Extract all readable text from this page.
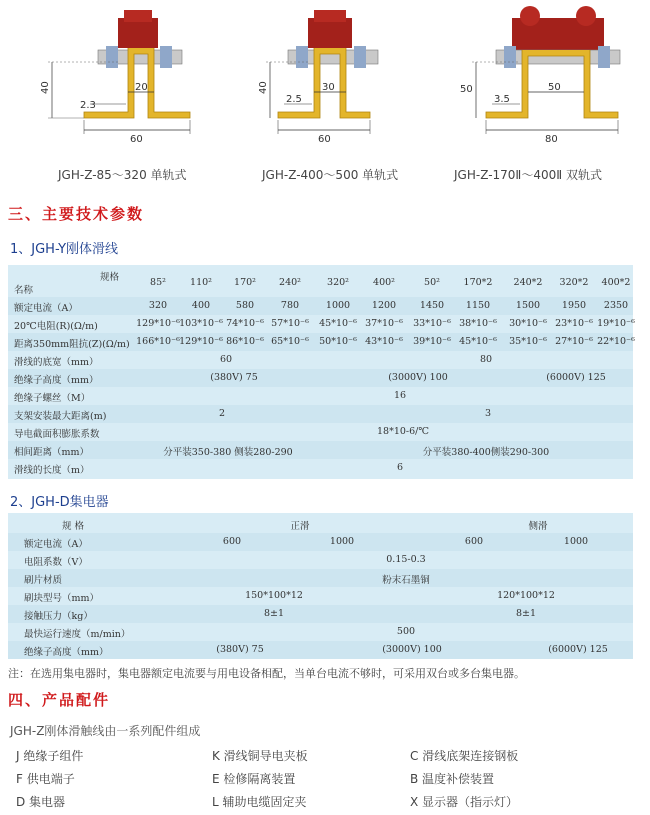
40	20
2.3
60
40	30
2.5
60
50	50
3.5
80
JGH-Z-85～320 单轨式	JGH-Z-400～500 单轨式	JGH-Z-170Ⅱ～400Ⅱ 双轨式
三、主要技术参数
1、JGH-Y刚体滑线
规格
名称
85²	110² 170² 240²	320²	400²	50² 170*2 240*2 320*2 400*2
额定电流（A）	320	400	580	780	1000 1200	1450 1150	1500 1950 2350
20℃电阻(R)(Ω/m)	129*10⁻⁶ 103*10⁻⁶ 74*10⁻⁶ 57*10⁻⁶ 45*10⁻⁶ 37*10⁻⁶ 33*10⁻⁶ 38*10⁻⁶ 30*10⁻⁶ 23*10⁻⁶ 19*10⁻⁶
距离350mm阻抗(Z)(Ω/m) 166*10⁻⁶ 129*10⁻⁶ 86*10⁻⁶ 65*10⁻⁶ 50*10⁻⁶ 43*10⁻⁶ 39*10⁻⁶ 45*10⁻⁶ 35*10⁻⁶ 27*10⁻⁶ 22*10⁻⁶
滑线的底宽（mm）	60	80
绝缘子高度（mm）	(380V) 75	(3000V) 100	(6000V) 125
绝缘子螺丝（M）	16
支架安装最大距离(m)	2	3
导电截面积膨胀系数	18*10-6/℃
相间距离（mm）	分平装350-380 侧装280-290	分平装380-400侧装290-300
滑线的长度（m）	6
2、JGH-D集电器
规 格	正滑	侧滑
额定电流（A）	600	1000	600	1000
电阻系数（V）	0.15-0.3
刷片材质	粉末石墨铜
刷块型号（mm）	150*100*12	120*100*12
接触压力（kg）	8±1	8±1
最快运行速度（m/min）	500
绝缘子高度（mm）	(380V) 75	(3000V) 100	(6000V) 125
注：在选用集电器时，集电器额定电流要与用电设备相配，当单台电流不够时，可采用双台或多台集电器。
四、产品配件
JGH-Z刚体滑触线由一系列配件组成
J 绝缘子组件	K 滑线铜导电夹板	C 滑线底架连接钢板
F 供电端子	E 检修隔离装置	B 温度补偿装置
D 集电器	L 辅助电缆固定夹	X 显示器（指示灯）
